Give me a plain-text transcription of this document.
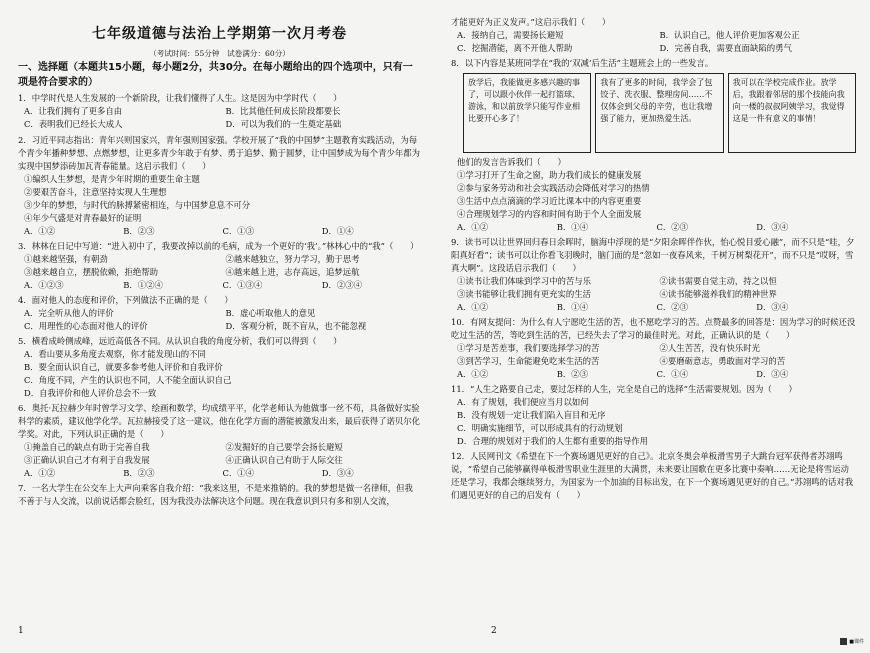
七年级道德与法治上学期第一次月考卷
（考试时间：55分钟　试卷满分：60分）
一、选择题（本题共15小题，每小题2分，共30分。在每小题给出的四个选项中，只有一项是符合要求的）
1．中学时代是人生发展的一个新阶段，让我们懂得了人生。这是因为中学时代（　　）
A．让我们拥有了更多自由	B．比其他任何成长阶段都要长
C．表明我们已经长大成人	D．可以为我们的一生奠定基础
2．习近平同志指出：青年兴则国家兴，青年强则国家强。学校开展了“我的中国梦”主题教育实践活动，为每个青少年播种梦想、点燃梦想，让更多青少年敢于有梦、勇于追梦、勤于圆梦，让中国梦成为每个青少年都为实现中国梦添砖加瓦青春能量。这启示我们（　　）
①编织人生梦想，是青少年时期的重要生命主题
②要艰苦奋斗，注意坚持实现人生理想
③少年的梦想，与时代的脉搏紧密相连，与中国梦息息不可分
④年少气盛是对青春最好的证明
A．①②	B．②③	C．①③	D．①④
3．林林在日记中写道：“进入初中了，我要改掉以前的毛病，成为一个更好的‘我’。”林林心中的“我”（　　）
①越来越坚强，有朝劲	②越来越独立，努力学习，勤于思考
③越来越自立，摆脱依赖，拒绝帮助	④越来越上进，志存高远，追梦远航
A．①②③	B．①②④	C．①③④	D．②③④
4．面对他人的态度和评价，下列做法不正确的是（　　）
A．完全听从他人的评价	B．虚心听取他人的意见
C．用理性的心态面对他人的评价	D．客观分析，既不盲从，也不能忽视
5．横看成岭侧成峰，远近高低各不同。从认识自我的角度分析，我们可以得到（　　）
A．看山要从多角度去观察，你才能发现山的不同
B．要全面认识自己，就要多参考他人评价和自我评价
C．角度不同，产生的认识也不同，人不能全面认识自己
D．自我评价和他人评价总会不一致
6．奥托·瓦拉赫少年时曾学习文学、绘画和数学，均成绩平平，化学老师认为他做事一丝不苟，具备做好实验科学的素质，建议他学化学。瓦拉赫接受了这一建议，他在化学方面的潜能被激发出来，最后获得了诺贝尔化学奖。对此，下列认识正确的是（　　）
①掩盖自己的缺点有助于完善自我	②发掘好的自己要学会扬长避短
③正确认识自己才有利于自我发展	④正确认识自己有助于人际交往
A．①②	B．②③	C．①④	D．③④
7．一名大学生在公交车上大声向乘客自我介绍：“我来这里，不是来推销的。我的梦想是做一名律师，但我不善于与人交流，以前说话都会脸红，因为我没办法解决这个问题。现在我意识到只有多和别人交流，
1
才能更好为正义发声。”这启示我们（　　）
A．接纳自己，需要扬长避短	B．认识自己，他人评价更加客观公正
C．挖掘潜能，离不开他人帮助	D．完善自我，需要直面缺陷的勇气
8．以下内容是某班同学在“我的‘双减’后生活”主题班会上的一些发言。
放学后，我能做更多感兴趣的事了，可以跟小伙伴一起打篮球、游泳，和以前放学只能写作业相比要开心多了！
我有了更多的时间，我学会了包饺子、洗衣服、整理房间……不仅体会到父母的辛劳，也让我增强了能力，更加热爱生活。
我可以在学校完成作业。放学后，我跟着邻居的那个技能向我向一楼的叔叔阿姨学习，我觉得这是一件有意义的事情！
他们的发言告诉我们（　　）
①学习打开了生命之窗，助力我们成长的健康发展
②参与家务劳动和社会实践活动会降低对学习的热情
③生活中点点滴滴的学习近比课本中的内容更重要
④合理规划学习的内容和时间有助于个人全面发展
A．①②	B．①④	C．②③	D．③④
9．读书可以让世界回归春日余晖时，脑海中浮现的是“夕阳余晖伴作伙，怡心悦目爱心融”，而不只是“哇，夕阳真好看”；读书可以让你看飞羽晚时，脑门面的是“忽如一夜春风来，千树万树梨花开”，而不只是“哎呀，雪真大啊”。这段话启示我们（　　）
①读书让我们体味到学习中的苦与乐	②读书需要自觉主动，持之以恒
③读书能够让我们拥有更充实的生活	④读书能够滋养我们的精神世界
A．①②	B．①④	C．②③	D．③④
10．有网友提问：为什么有人宁愿吃生活的苦，也不愿吃学习的苦。点赞最多的回答是：因为学习的时候还没吃过生活的苦，等吃到生活的苦，已经失去了学习的最佳时光。对此，正确认识的是（　　）
①学习是苦差事，我们要选择学习的苦	②人生苦苦，没有快乐时光
③到苦学习，生命能避免吃来生活的苦	④要磨砺意志，勇敢面对学习的苦
A．①②	B．②③	C．①④	D．③④
11．“人生之路要自己走，要过怎样的人生，完全是自己的选择”生活需要规划。因为（　　）
A．有了规划，我们便应当月以如何
B．没有规划一定让我们陷入盲目和无序
C．明确实施细节，可以形成具有的行动规划
D．合理的规划对于我们的人生都有重要的指导作用
12．人民网刊文《希望在下一个赛场遇见更好的自己》。北京冬奥会单板滑雪男子大跳台冠军获得者苏翊鸣说，“希望自己能够赢得单板滑雪职业生涯里的大满贯，未来要让国歌在更多比赛中奏响……无论是将雪运动还是学习，我都会继续努力，为国家为一个加油的目标出发，在下一个赛场遇见更好的自己。”苏翊鸣的话对我们遇见更好的自己的启发有（　　）
2
■课件
